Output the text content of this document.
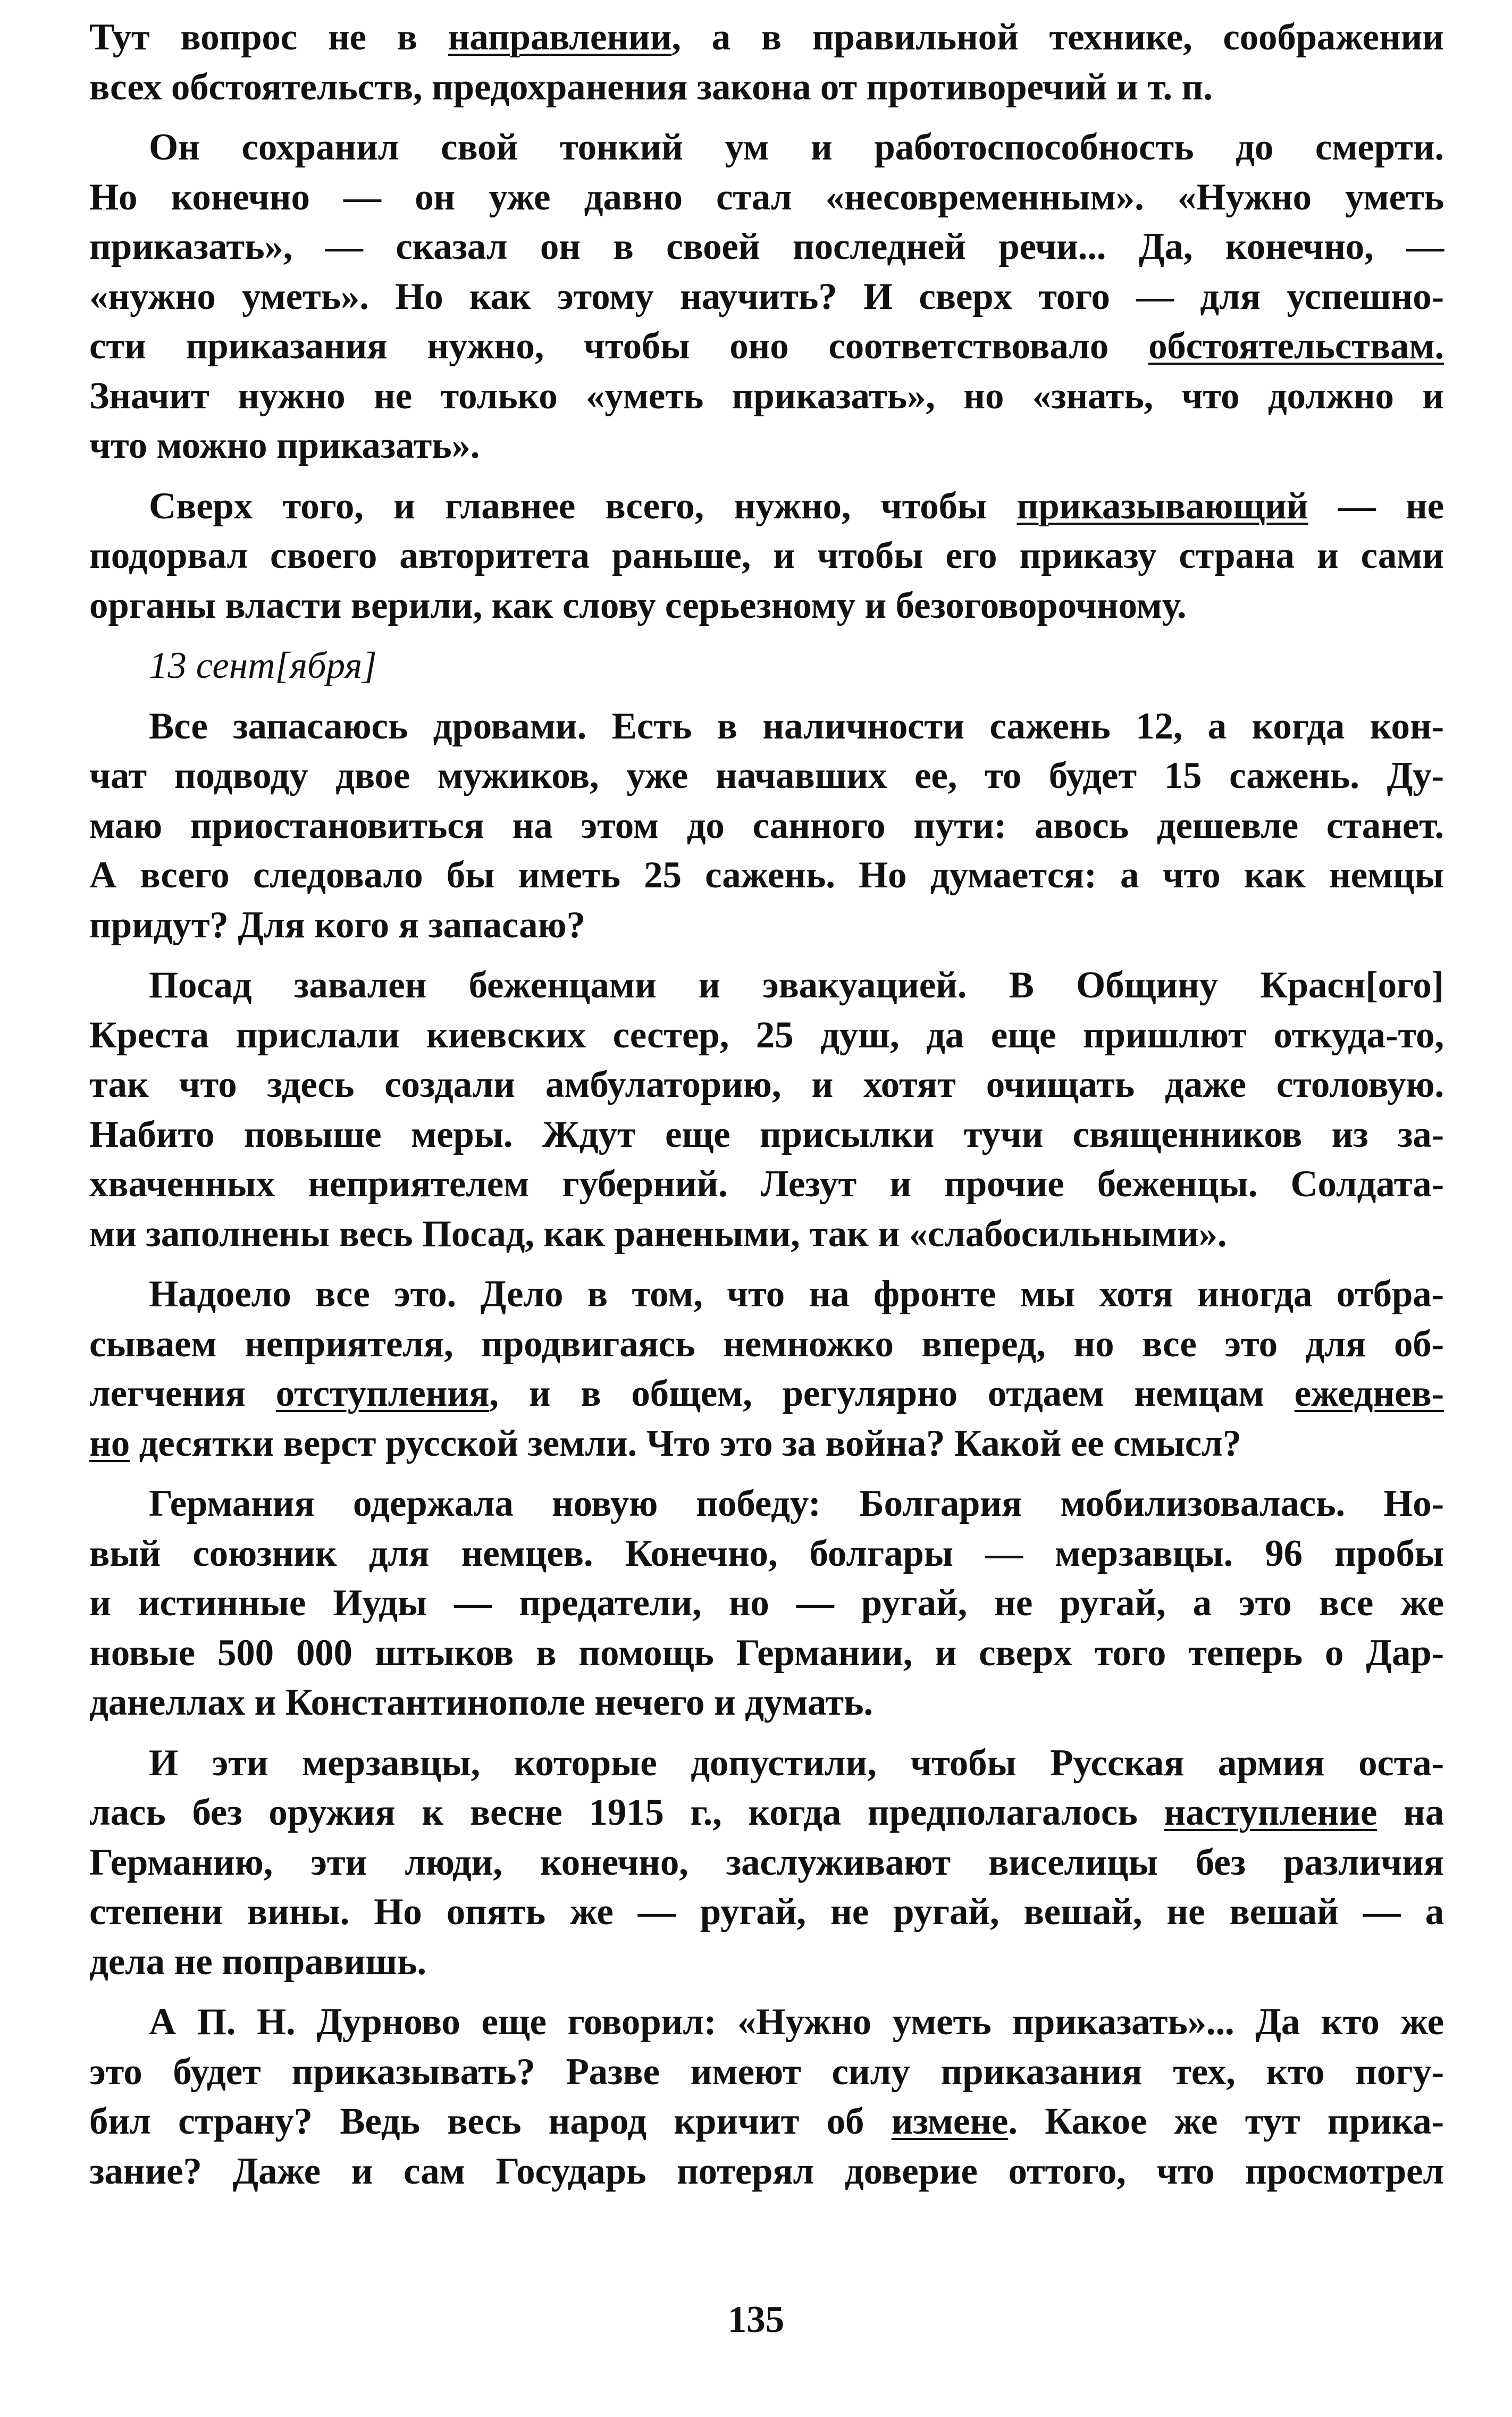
Тут вопрос не в направлении, а в правильной технике, соображении
всех обстоятельств, предохранения закона от противоречий и т. п.
Он сохранил свой тонкий ум и работоспособность до смерти.
Но конечно — он уже давно стал «несовременным». «Нужно уметь
приказать», — сказал он в своей последней речи... Да, конечно, —
«нужно уметь». Но как этому научить? И сверх того — для успешно-
сти приказания нужно, чтобы оно соответствовало обстоятельствам.
Значит нужно не только «уметь приказать», но «знать, что должно и
что можно приказать».
Сверх того, и главнее всего, нужно, чтобы приказывающий — не
подорвал своего авторитета раньше, и чтобы его приказу страна и сами
органы власти верили, как слову серьезному и безоговорочному.
13 сент[ября]
Все запасаюсь дровами. Есть в наличности сажень 12, а когда кон-
чат подводу двое мужиков, уже начавших ее, то будет 15 сажень. Ду-
маю приостановиться на этом до санного пути: авось дешевле станет.
А всего следовало бы иметь 25 сажень. Но думается: а что как немцы
придут? Для кого я запасаю?
Посад завален беженцами и эвакуацией. В Общину Красн[ого]
Креста прислали киевских сестер, 25 душ, да еще пришлют откуда-то,
так что здесь создали амбулаторию, и хотят очищать даже столовую.
Набито повыше меры. Ждут еще присылки тучи священников из за-
хваченных неприятелем губерний. Лезут и прочие беженцы. Солдата-
ми заполнены весь Посад, как ранеными, так и «слабосильными».
Надоело все это. Дело в том, что на фронте мы хотя иногда отбра-
сываем неприятеля, продвигаясь немножко вперед, но все это для об-
легчения отступления, и в общем, регулярно отдаем немцам ежеднев-
но десятки верст русской земли. Что это за война? Какой ее смысл?
Германия одержала новую победу: Болгария мобилизовалась. Но-
вый союзник для немцев. Конечно, болгары — мерзавцы. 96 пробы
и истинные Иуды — предатели, но — ругай, не ругай, а это все же
новые 500 000 штыков в помощь Германии, и сверх того теперь о Дар-
данеллах и Константинополе нечего и думать.
И эти мерзавцы, которые допустили, чтобы Русская армия оста-
лась без оружия к весне 1915 г., когда предполагалось наступление на
Германию, эти люди, конечно, заслуживают виселицы без различия
степени вины. Но опять же — ругай, не ругай, вешай, не вешай — а
дела не поправишь.
А П. Н. Дурново еще говорил: «Нужно уметь приказать»... Да кто же
это будет приказывать? Разве имеют силу приказания тех, кто погу-
бил страну? Ведь весь народ кричит об измене. Какое же тут прика-
зание? Даже и сам Государь потерял доверие оттого, что просмотрел
135
